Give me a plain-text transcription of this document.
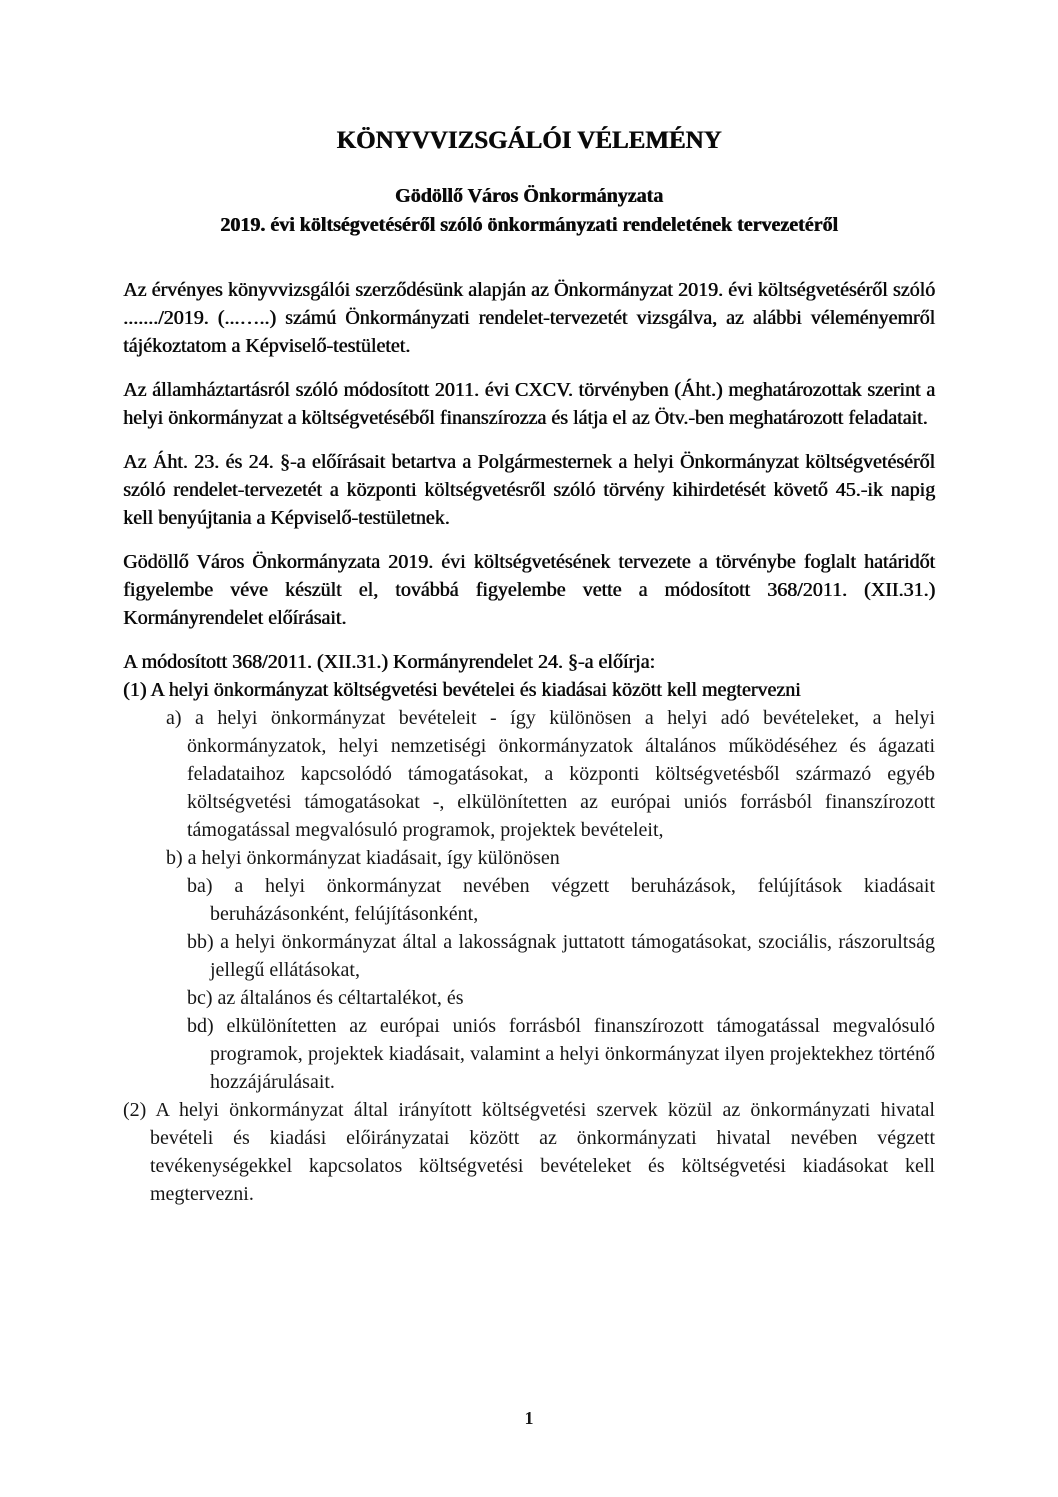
KÖNYVVIZSGÁLÓI VÉLEMÉNY
Gödöllő Város Önkormányzata
2019. évi költségvetéséről szóló önkormányzati rendeletének tervezetéről

Az érvényes könyvvizsgálói szerződésünk alapján az Önkormányzat 2019. évi költségvetéséről szóló ......./2019. (...…..) számú Önkormányzati rendelet-tervezetét vizsgálva, az alábbi véleményemről tájékoztatom a Képviselő-testületet.

Az államháztartásról szóló módosított 2011. évi CXCV. törvényben (Áht.) meghatározottak szerint a helyi önkormányzat a költségvetéséből finanszírozza és látja el az Ötv.-ben meghatározott feladatait.

Az Áht. 23. és 24. §-a előírásait betartva a Polgármesternek a helyi Önkormányzat költségvetéséről szóló rendelet-tervezetét a központi költségvetésről szóló törvény kihirdetését követő 45.-ik napig kell benyújtania a Képviselő-testületnek.

Gödöllő Város Önkormányzata 2019. évi költségvetésének tervezete a törvénybe foglalt határidőt figyelembe véve készült el, továbbá figyelembe vette a módosított 368/2011. (XII.31.) Kormányrendelet előírásait.

A módosított 368/2011. (XII.31.) Kormányrendelet 24. §-a előírja:

(1) A helyi önkormányzat költségvetési bevételei és kiadásai között kell megtervezni
a) a helyi önkormányzat bevételeit - így különösen a helyi adó bevételeket, a helyi önkormányzatok, helyi nemzetiségi önkormányzatok általános működéséhez és ágazati feladataihoz kapcsolódó támogatásokat, a központi költségvetésből származó egyéb költségvetési támogatásokat -, elkülönítetten az európai uniós forrásból finanszírozott támogatással megvalósuló programok, projektek bevételeit,
b) a helyi önkormányzat kiadásait, így különösen
ba) a helyi önkormányzat nevében végzett beruházások, felújítások kiadásait beruházásonként, felújításonként,
bb) a helyi önkormányzat által a lakosságnak juttatott támogatásokat, szociális, rászorultság jellegű ellátásokat,
bc) az általános és céltartalékot, és
bd) elkülönítetten az európai uniós forrásból finanszírozott támogatással megvalósuló programok, projektek kiadásait, valamint a helyi önkormányzat ilyen projektekhez történő hozzájárulásait.
(2) A helyi önkormányzat által irányított költségvetési szervek közül az önkormányzati hivatal bevételi és kiadási előirányzatai között az önkormányzati hivatal nevében végzett tevékenységekkel kapcsolatos költségvetési bevételeket és költségvetési kiadásokat kell megtervezni.
1
